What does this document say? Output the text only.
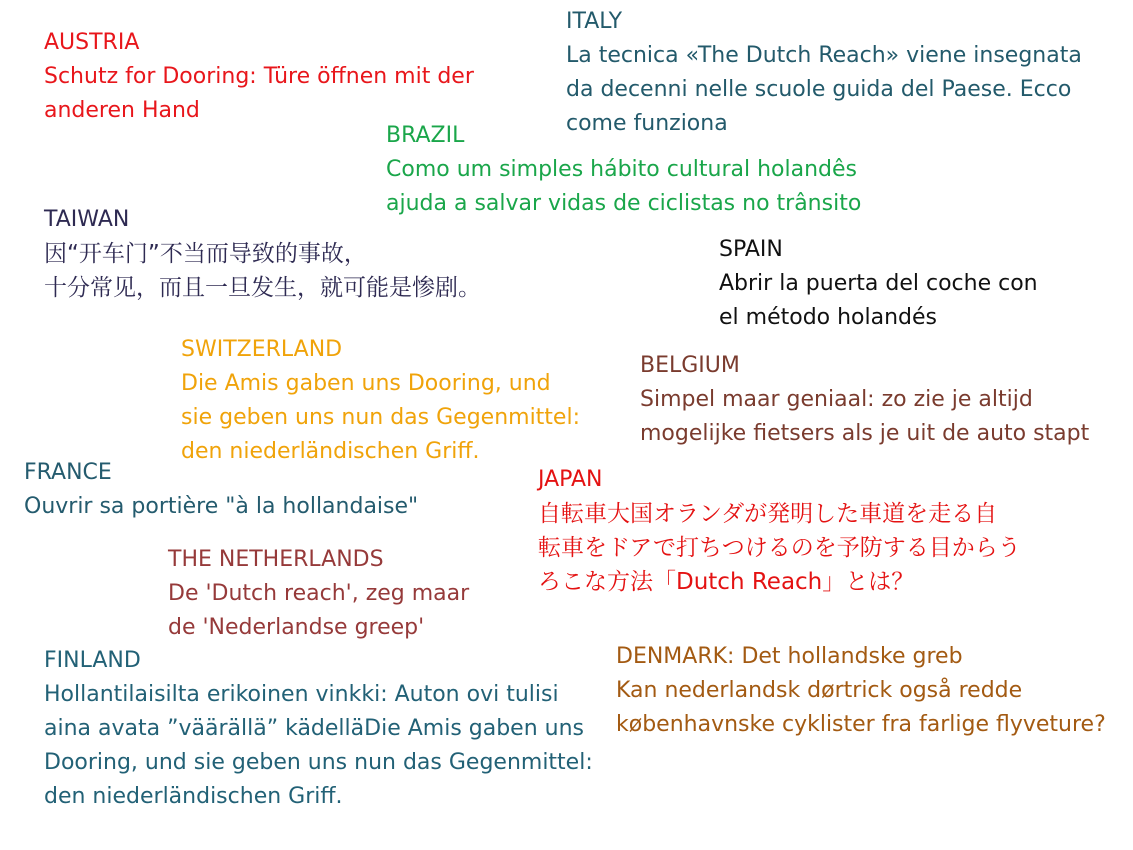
AUSTRIA
Schutz for Dooring: Türe öffnen mit der
anderen Hand
ITALY
La tecnica «The Dutch Reach» viene insegnata
da decenni nelle scuole guida del Paese. Ecco
come funziona
BRAZIL
Como um simples hábito cultural holandês
ajuda a salvar vidas de ciclistas no trânsito
TAIWAN
因“开车门”不当而导致的事故，
十分常见，而且一旦发生，就可能是惨剧。
SPAIN
Abrir la puerta del coche con
el método holandés
SWITZERLAND
Die Amis gaben uns Dooring, und
sie geben uns nun das Gegenmittel:
den niederländischen Griff.
BELGIUM
Simpel maar geniaal: zo zie je altijd
mogelijke fietsers als je uit de auto stapt
FRANCE
Ouvrir sa portière "à la hollandaise"
JAPAN
自転車大国オランダが発明した車道を走る自
転車をドアで打ちつけるのを予防する目からう
ろこな方法「Dutch Reach」とは？
THE NETHERLANDS
De 'Dutch reach', zeg maar
de 'Nederlandse greep'
FINLAND
Hollantilaisilta erikoinen vinkki: Auton ovi tulisi
aina avata ”väärällä” kädelläDie Amis gaben uns
Dooring, und sie geben uns nun das Gegenmittel:
den niederländischen Griff.
DENMARK: Det hollandske greb
Kan nederlandsk dørtrick også redde
københavnske cyklister fra farlige flyveture?
